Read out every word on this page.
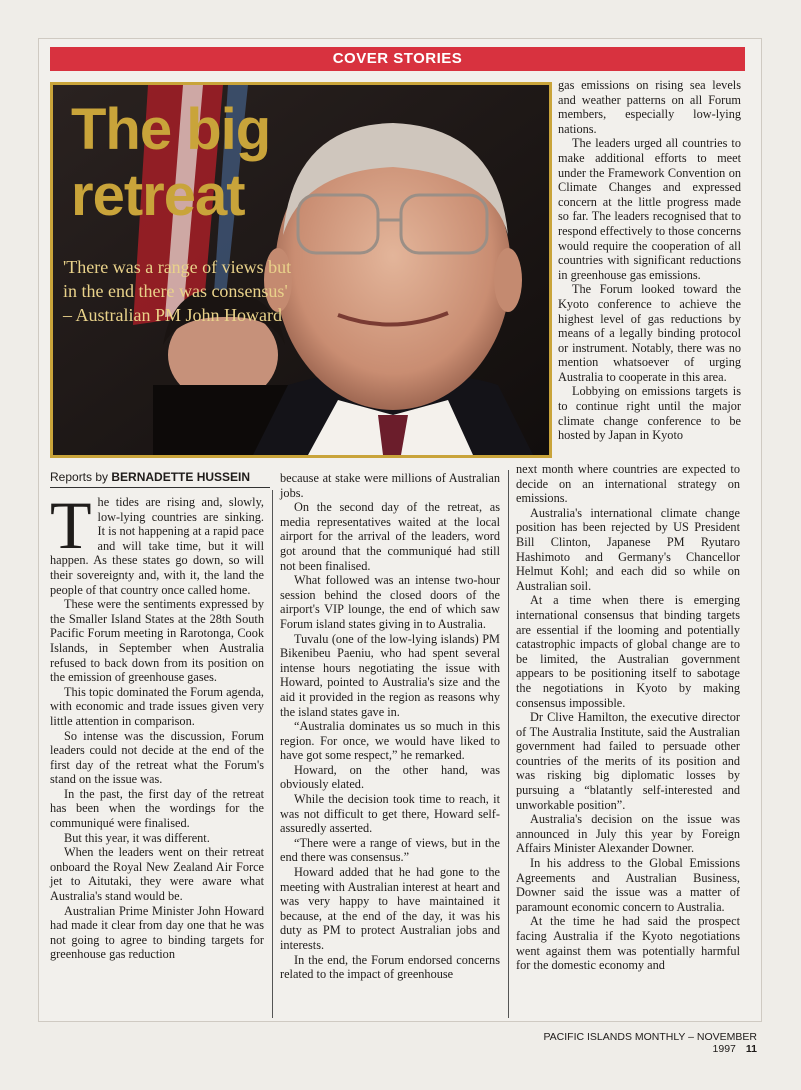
COVER STORIES
The big retreat
'There was a range of views but in the end there was consensus' – Australian PM John Howard
Reports by BERNADETTE HUSSEIN

gas emissions on rising sea levels and weather patterns on all Forum members, especially low-lying nations.

The leaders urged all countries to make additional efforts to meet under the Framework Convention on Climate Changes and expressed concern at the little progress made so far. The leaders recognised that to respond effectively to those concerns would require the cooperation of all countries with significant reductions in greenhouse gas emissions.

The Forum looked toward the Kyoto conference to achieve the highest level of gas reductions by means of a legally binding protocol or instrument. Notably, there was no mention whatsoever of urging Australia to cooperate in this area.

Lobbying on emissions targets is to continue right until the major climate change conference to be hosted by Japan in Kyoto

The tides are rising and, slowly, low-lying countries are sinking. It is not happening at a rapid pace and will take time, but it will happen. As these states go down, so will their sovereignty and, with it, the land the people of that country once called home.

These were the sentiments expressed by the Smaller Island States at the 28th South Pacific Forum meeting in Rarotonga, Cook Islands, in September when Australia refused to back down from its position on the emission of greenhouse gases.

This topic dominated the Forum agenda, with economic and trade issues given very little attention in comparison.

So intense was the discussion, Forum leaders could not decide at the end of the first day of the retreat what the Forum's stand on the issue was.

In the past, the first day of the retreat has been when the wordings for the communiqué were finalised.

But this year, it was different.

When the leaders went on their retreat onboard the Royal New Zealand Air Force jet to Aitutaki, they were aware what Australia's stand would be.

Australian Prime Minister John Howard had made it clear from day one that he was not going to agree to binding targets for greenhouse gas reduction

because at stake were millions of Australian jobs.

On the second day of the retreat, as media representatives waited at the local airport for the arrival of the leaders, word got around that the communiqué had still not been finalised.

What followed was an intense two-hour session behind the closed doors of the airport's VIP lounge, the end of which saw Forum island states giving in to Australia.

Tuvalu (one of the low-lying islands) PM Bikenibeu Paeniu, who had spent several intense hours negotiating the issue with Howard, pointed to Australia's size and the aid it provided in the region as reasons why the island states gave in.

“Australia dominates us so much in this region. For once, we would have liked to have got some respect,” he remarked.

Howard, on the other hand, was obviously elated.

While the decision took time to reach, it was not difficult to get there, Howard self-assuredly asserted.

“There were a range of views, but in the end there was consensus.”

Howard added that he had gone to the meeting with Australian interest at heart and was very happy to have maintained it because, at the end of the day, it was his duty as PM to protect Australian jobs and interests.

In the end, the Forum endorsed concerns related to the impact of greenhouse

next month where countries are expected to decide on an international strategy on emissions.

Australia's international climate change position has been rejected by US President Bill Clinton, Japanese PM Ryutaro Hashimoto and Germany's Chancellor Helmut Kohl; and each did so while on Australian soil.

At a time when there is emerging international consensus that binding targets are essential if the looming and potentially catastrophic impacts of global change are to be limited, the Australian government appears to be positioning itself to sabotage the negotiations in Kyoto by making consensus impossible.

Dr Clive Hamilton, the executive director of The Australia Institute, said the Australian government had failed to persuade other countries of the merits of its position and was risking big diplomatic losses by pursuing a “blatantly self-interested and unworkable position”.

Australia's decision on the issue was announced in July this year by Foreign Affairs Minister Alexander Downer.

In his address to the Global Emissions Agreements and Australian Business, Downer said the issue was a matter of paramount economic concern to Australia.

At the time he had said the prospect facing Australia if the Kyoto negotiations went against them was potentially harmful for the domestic economy and

PACIFIC ISLANDS MONTHLY – NOVEMBER 1997 11
